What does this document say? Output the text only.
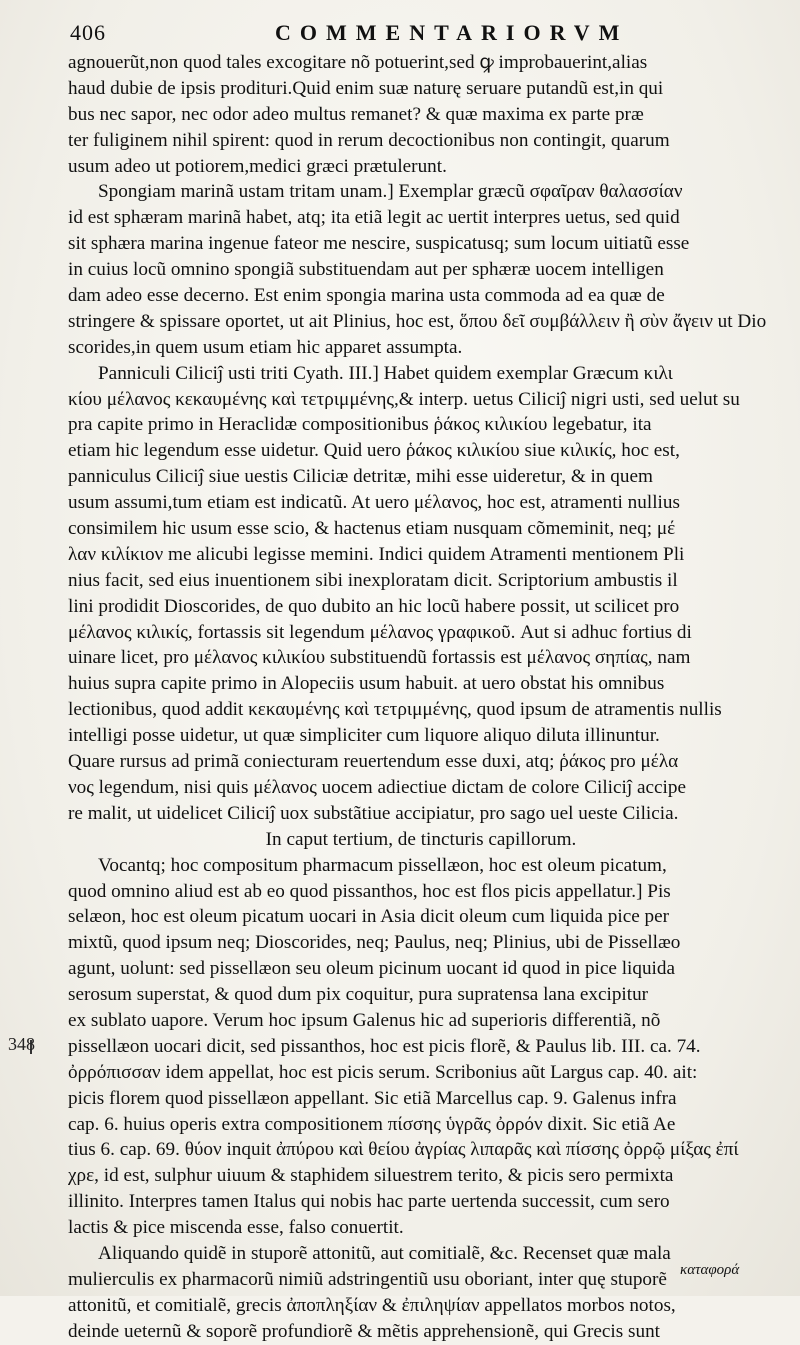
406	COMMENTARIORVM
agnouerũt,non quod tales excogitare nõ potuerint,sed ꝙ improbauerint,alias
haud dubie de ipsis prodituri.Quid enim suæ naturę seruare putandũ est,in qui
bus nec sapor, nec odor adeo multus remanet? & quæ maxima ex parte præ
ter fuliginem nihil spirent: quod in rerum decoctionibus non contingit, quarum
usum adeo ut potiorem,medici græci prætulerunt.
Spongiam marinã ustam tritam unam.] Exemplar græcũ σφαῖραν θαλασσίαν
id est sphæram marinã habet, atq; ita etiã legit ac uertit interpres uetus, sed quid
sit sphæra marina ingenue fateor me nescire, suspicatusq; sum locum uitiatũ esse
in cuius locũ omnino spongiã substituendam aut per sphæræ uocem intelligen
dam adeo esse decerno. Est enim spongia marina usta commoda ad ea quæ de
stringere & spissare oportet, ut ait Plinius, hoc est, ὅπου δεῖ συμβάλλειν ἢ σὺν ἄγειν ut Dio
scorides,in quem usum etiam hic apparet assumpta.
Panniculi Ciliciĵ usti triti Cyath. III.] Habet quidem exemplar Græcum κιλι
κίου μέλανος κεκαυμένης καὶ τετριμμένης,& interp. uetus Ciliciĵ nigri usti, sed uelut su
pra capite primo in Heraclidæ compositionibus ῥάκος κιλικίου legebatur, ita
etiam hic legendum esse uidetur. Quid uero ῥάκος κιλικίου siue κιλικίς, hoc est,
panniculus Ciliciĵ siue uestis Ciliciæ detritæ, mihi esse uideretur, & in quem
usum assumi,tum etiam est indicatũ. At uero μέλανος, hoc est, atramenti nullius
consimilem hic usum esse scio, & hactenus etiam nusquam cõmeminit, neq; μέ
λαν κιλίκιον me alicubi legisse memini. Indici quidem Atramenti mentionem Pli
nius facit, sed eius inuentionem sibi inexploratam dicit. Scriptorium ambustis il
lini prodidit Dioscorides, de quo dubito an hic locũ habere possit, ut scilicet pro
μέλανος κιλικίς, fortassis sit legendum μέλανος γραφικοῦ. Aut si adhuc fortius di
uinare licet, pro μέλανος κιλικίου substituendũ fortassis est μέλανος σηπίας, nam
huius supra capite primo in Alopeciis usum habuit. at uero obstat his omnibus
lectionibus, quod addit κεκαυμένης καὶ τετριμμένης, quod ipsum de atramentis nullis
intelligi posse uidetur, ut quæ simpliciter cum liquore aliquo diluta illinuntur.
Quare rursus ad primã coniecturam reuertendum esse duxi, atq; ῥάκος pro μέλα
νος legendum, nisi quis μέλανος uocem adiectiue dictam de colore Ciliciĵ accipe
re malit, ut uidelicet Ciliciĵ uox substãtiue accipiatur, pro sago uel ueste Cilicia.
In caput tertium, de tincturis capillorum.
Vocantq; hoc compositum pharmacum pissellæon, hoc est oleum picatum,
quod omnino aliud est ab eo quod pissanthos, hoc est flos picis appellatur.] Pis
selæon, hoc est oleum picatum uocari in Asia dicit oleum cum liquida pice per
mixtũ, quod ipsum neq; Dioscorides, neq; Paulus, neq; Plinius, ubi de Pissellæo
agunt, uolunt: sed pissellæon seu oleum picinum uocant id quod in pice liquida
serosum superstat, & quod dum pix coquitur, pura supratensa lana excipitur
ex sublato uapore. Verum hoc ipsum Galenus hic ad superioris differentiã, nõ
pissellæon uocari dicit, sed pissanthos, hoc est picis florẽ, & Paulus lib. III. ca. 74.
ὀρρόπισσαν idem appellat, hoc est picis serum. Scribonius aũt Largus cap. 40. ait:
picis florem quod pissellæon appellant. Sic etiã Marcellus cap. 9. Galenus infra
cap. 6. huius operis extra compositionem πίσσης ὑγρᾶς ὀρρόν dixit. Sic etiã Ae
tius 6. cap. 69. θύον inquit ἀπύρου καὶ θείου ἀγρίας λιπαρᾶς καὶ πίσσης ὀρρῷ μίξας ἐπί
χρε, id est, sulphur uiuum & staphidem siluestrem terito, & picis sero permixta
illinito. Interpres tamen Italus qui nobis hac parte uertenda successit, cum sero
lactis & pice miscenda esse, falso conuertit.
Aliquando quidẽ in stuporẽ attonitũ, aut comitialẽ, &c. Recenset quæ mala
mulierculis ex pharmacorũ nimiũ adstringentiũ usu oboriant, inter quę stuporẽ
attonitũ, et comitialẽ, grecis ἀποπληξίαν & ἐπιληψίαν appellatos morbos notos,
deinde ueternũ & soporẽ profundiorẽ & mẽtis apprehensionẽ, qui Grecis sunt
348
καταφορά
